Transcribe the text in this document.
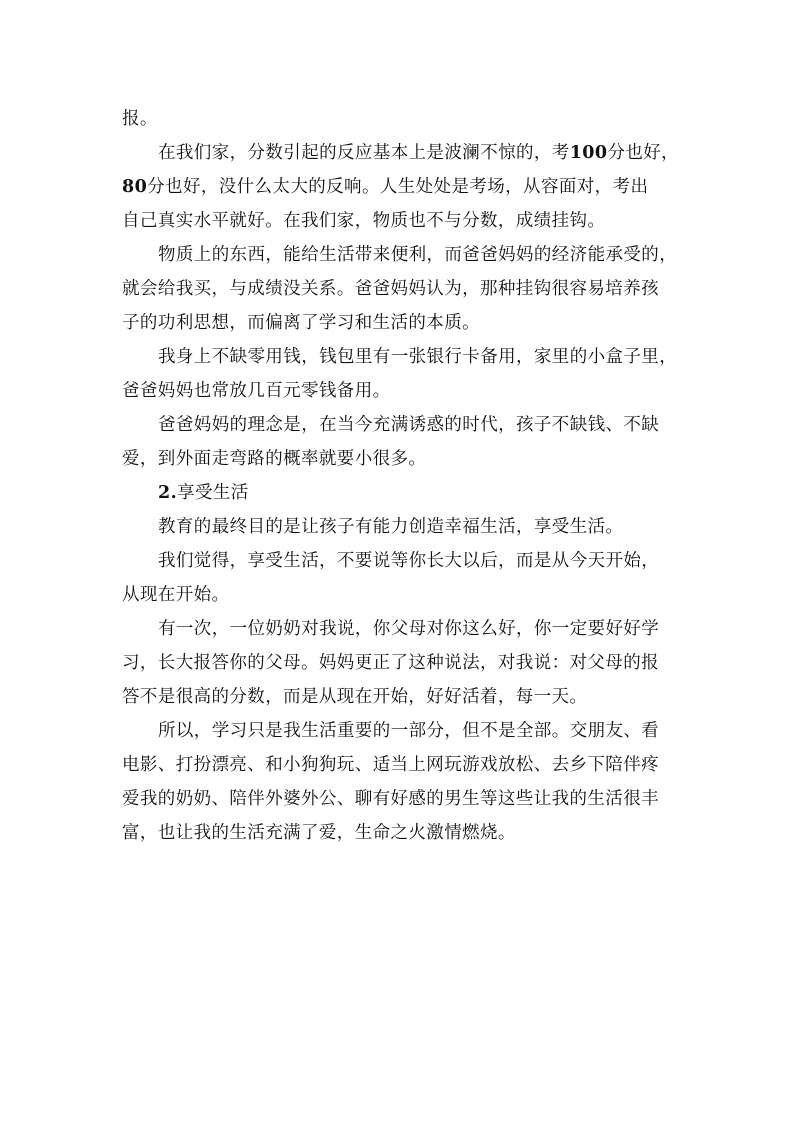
报。
在我们家，分数引起的反应基本上是波澜不惊的，考100分也好，
80分也好，没什么太大的反响。人生处处是考场，从容面对，考出
自己真实水平就好。在我们家，物质也不与分数，成绩挂钩。
物质上的东西，能给生活带来便利，而爸爸妈妈的经济能承受的，
就会给我买，与成绩没关系。爸爸妈妈认为，那种挂钩很容易培养孩
子的功利思想，而偏离了学习和生活的本质。
我身上不缺零用钱，钱包里有一张银行卡备用，家里的小盒子里，
爸爸妈妈也常放几百元零钱备用。
爸爸妈妈的理念是，在当今充满诱惑的时代，孩子不缺钱、不缺
爱，到外面走弯路的概率就要小很多。
2.享受生活
教育的最终目的是让孩子有能力创造幸福生活，享受生活。
我们觉得，享受生活，不要说等你长大以后，而是从今天开始，
从现在开始。
有一次，一位奶奶对我说，你父母对你这么好，你一定要好好学
习，长大报答你的父母。妈妈更正了这种说法，对我说：对父母的报
答不是很高的分数，而是从现在开始，好好活着，每一天。
所以，学习只是我生活重要的一部分，但不是全部。交朋友、看
电影、打扮漂亮、和小狗狗玩、适当上网玩游戏放松、去乡下陪伴疼
爱我的奶奶、陪伴外婆外公、聊有好感的男生等这些让我的生活很丰
富，也让我的生活充满了爱，生命之火激情燃烧。
